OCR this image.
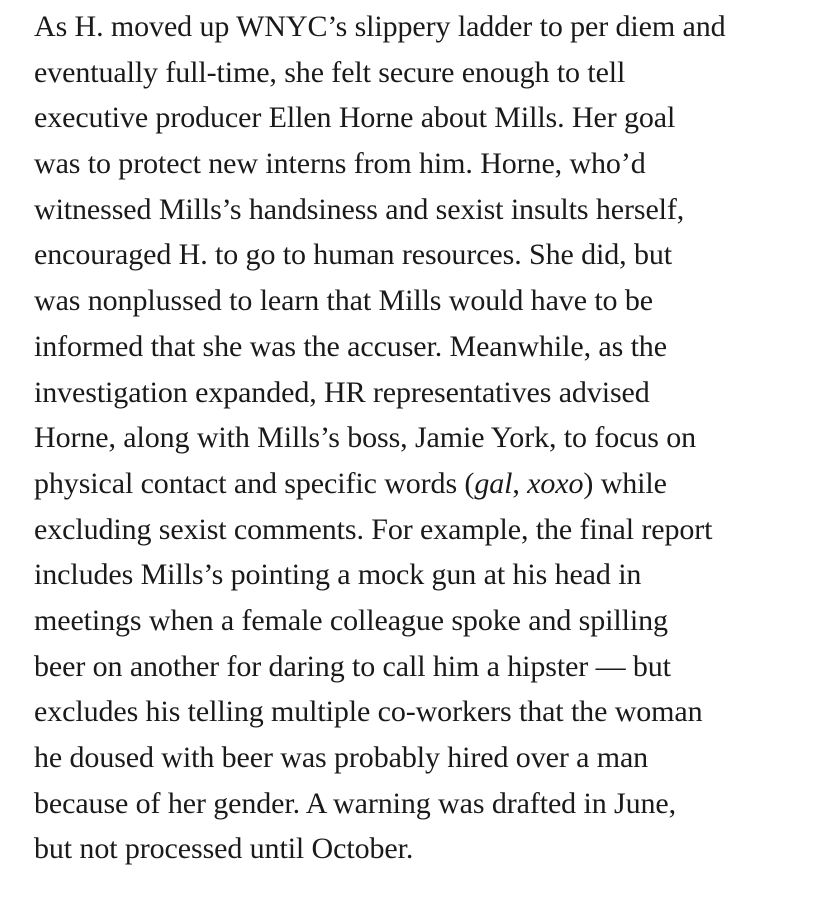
As H. moved up WNYC’s slippery ladder to per diem and
eventually full-time, she felt secure enough to tell
executive producer Ellen Horne about Mills. Her goal
was to protect new interns from him. Horne, who’d
witnessed Mills’s handsiness and sexist insults herself,
encouraged H. to go to human resources. She did, but
was nonplussed to learn that Mills would have to be
informed that she was the accuser. Meanwhile, as the
investigation expanded, HR representatives advised
Horne, along with Mills’s boss, Jamie York, to focus on
physical contact and specific words (gal, xoxo) while
excluding sexist comments. For example, the final report
includes Mills’s pointing a mock gun at his head in
meetings when a female colleague spoke and spilling
beer on another for daring to call him a hipster — but
excludes his telling multiple co-workers that the woman
he doused with beer was probably hired over a man
because of her gender. A warning was drafted in June,
but not processed until October.
